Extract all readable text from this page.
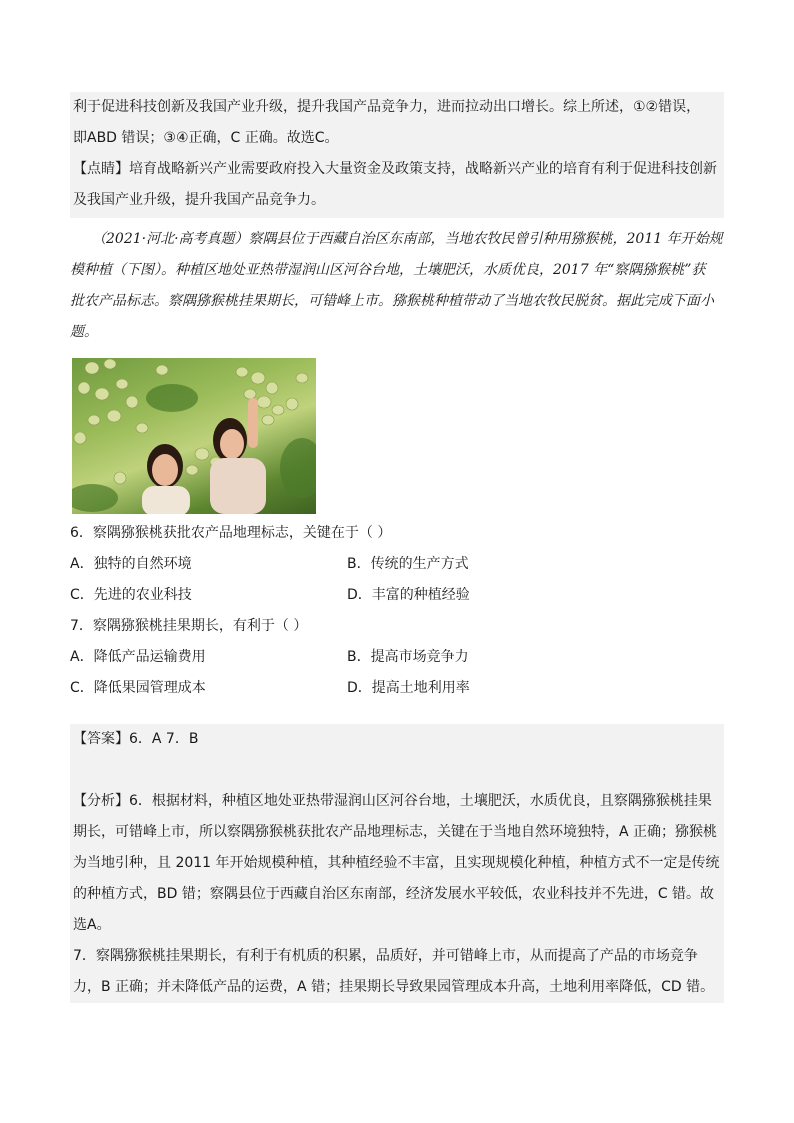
利于促进科技创新及我国产业升级，提升我国产品竞争力，进而拉动出口增长。综上所述，①②错误，
即ABD 错误；③④正确，C 正确。故选C。
【点睛】培育战略新兴产业需要政府投入大量资金及政策支持，战略新兴产业的培育有利于促进科技创新
及我国产业升级，提升我国产品竞争力。
（2021·河北·高考真题）察隅县位于西藏自治区东南部，当地农牧民曾引种用猕猴桃，2011 年开始规
模种植（下图）。种植区地处亚热带湿润山区河谷台地，土壤肥沃，水质优良，2017 年“察隅猕猴桃”获
批农产品标志。察隅猕猴桃挂果期长，可错峰上市。猕猴桃种植带动了当地农牧民脱贫。据此完成下面小
题。
6．察隅猕猴桃获批农产品地理标志，关键在于（ ）
A．独特的自然环境	B．传统的生产方式
C．先进的农业科技	D．丰富的种植经验
7．察隅猕猴桃挂果期长，有利于（ ）
A．降低产品运输费用	B．提高市场竞争力
C．降低果园管理成本	D．提高土地利用率
【答案】6．A 7．B
【分析】6．根据材料，种植区地处亚热带湿润山区河谷台地，土壤肥沃，水质优良，且察隅猕猴桃挂果
期长，可错峰上市，所以察隅猕猴桃获批农产品地理标志，关键在于当地自然环境独特，A 正确；猕猴桃
为当地引种，且 2011 年开始规模种植，其种植经验不丰富，且实现规模化种植，种植方式不一定是传统
的种植方式，BD 错；察隅县位于西藏自治区东南部，经济发展水平较低，农业科技并不先进，C 错。故
选A。
7．察隅猕猴桃挂果期长，有利于有机质的积累，品质好，并可错峰上市，从而提高了产品的市场竞争
力，B 正确；并未降低产品的运费，A 错；挂果期长导致果园管理成本升高，土地利用率降低，CD 错。
